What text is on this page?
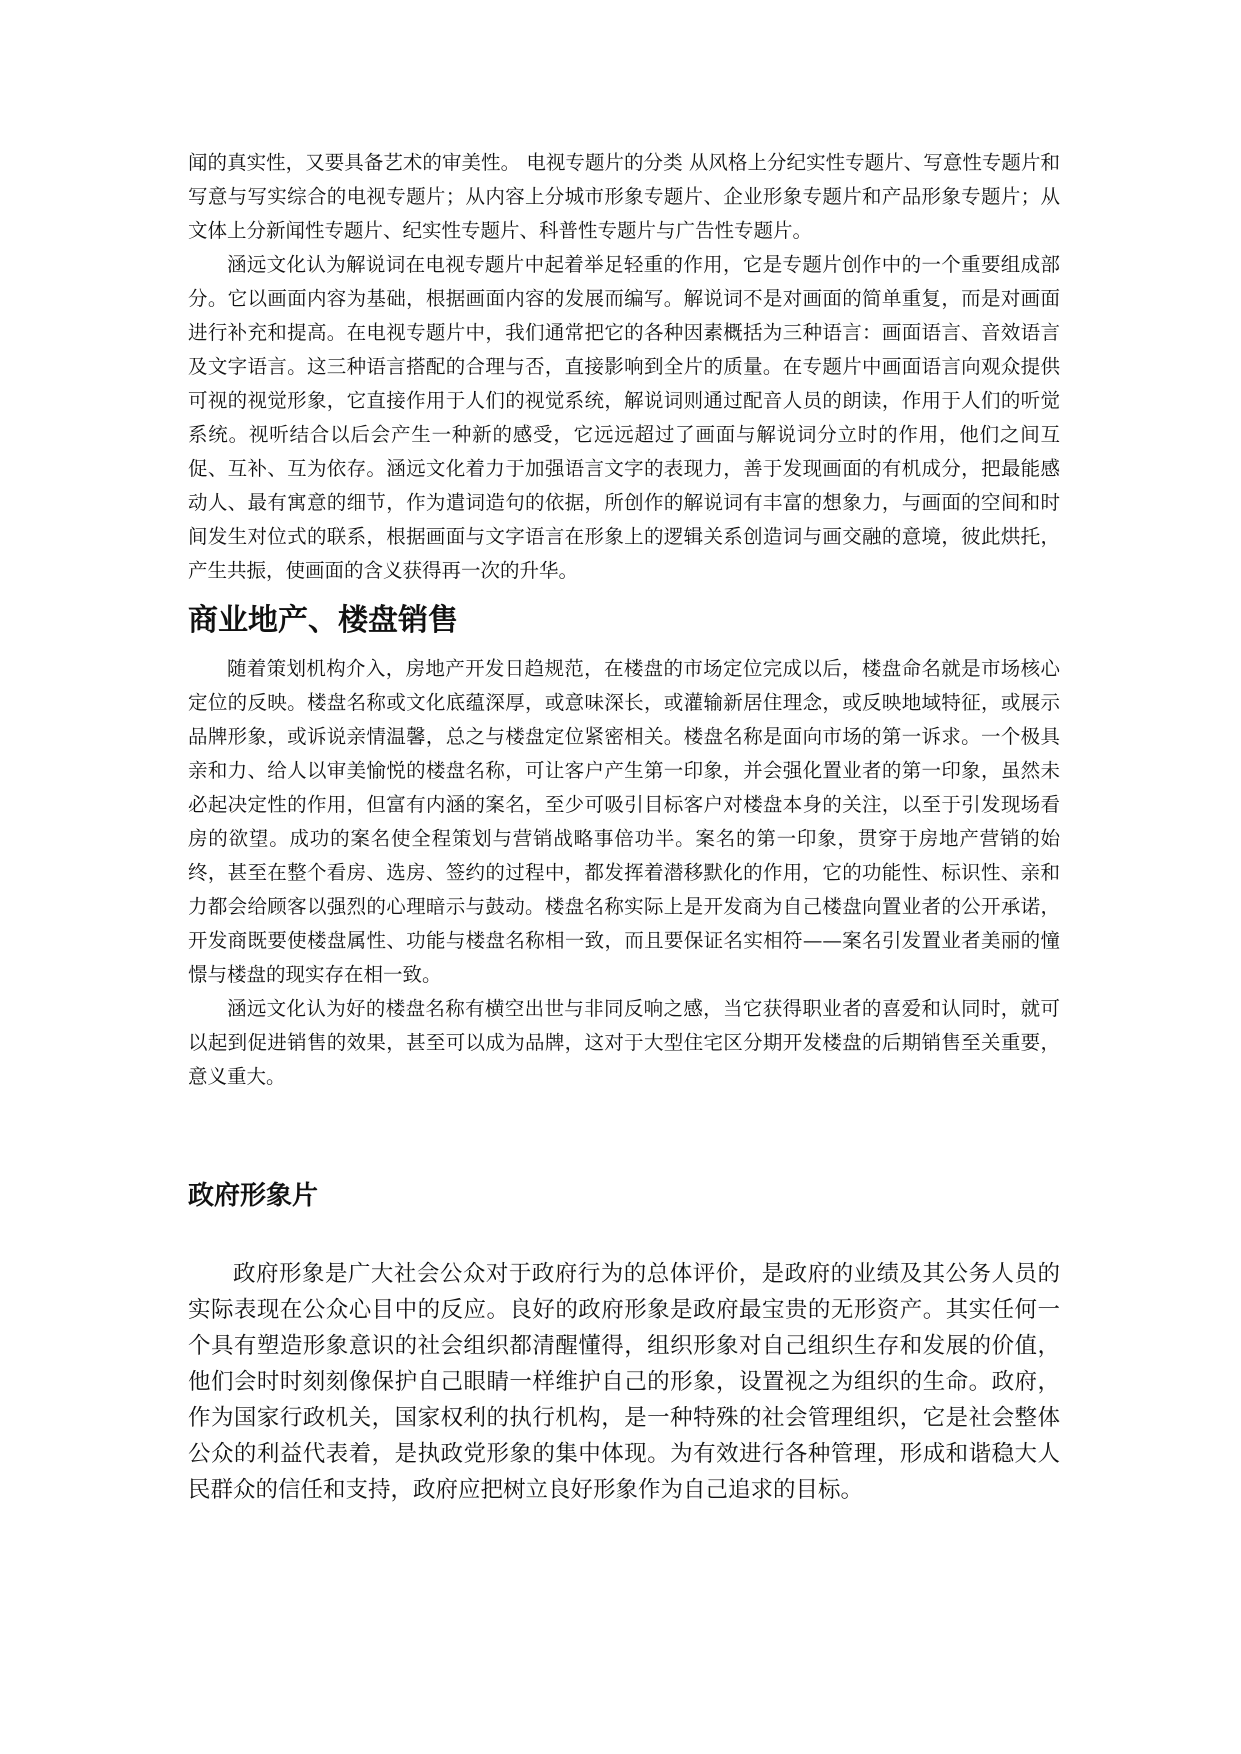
闻的真实性，又要具备艺术的审美性。 电视专题片的分类 从风格上分纪实性专题片、写意性专题片和写意与写实综合的电视专题片；从内容上分城市形象专题片、企业形象专题片和产品形象专题片；从文体上分新闻性专题片、纪实性专题片、科普性专题片与广告性专题片。

涵远文化认为解说词在电视专题片中起着举足轻重的作用，它是专题片创作中的一个重要组成部分。它以画面内容为基础，根据画面内容的发展而编写。解说词不是对画面的简单重复，而是对画面进行补充和提高。在电视专题片中，我们通常把它的各种因素概括为三种语言：画面语言、音效语言及文字语言。这三种语言搭配的合理与否，直接影响到全片的质量。在专题片中画面语言向观众提供可视的视觉形象，它直接作用于人们的视觉系统，解说词则通过配音人员的朗读，作用于人们的听觉系统。视听结合以后会产生一种新的感受，它远远超过了画面与解说词分立时的作用，他们之间互促、互补、互为依存。涵远文化着力于加强语言文字的表现力，善于发现画面的有机成分，把最能感动人、最有寓意的细节，作为遣词造句的依据，所创作的解说词有丰富的想象力，与画面的空间和时间发生对位式的联系，根据画面与文字语言在形象上的逻辑关系创造词与画交融的意境，彼此烘托，产生共振，使画面的含义获得再一次的升华。

商业地产、楼盘销售

随着策划机构介入，房地产开发日趋规范，在楼盘的市场定位完成以后，楼盘命名就是市场核心定位的反映。楼盘名称或文化底蕴深厚，或意味深长，或灌输新居住理念，或反映地域特征，或展示品牌形象，或诉说亲情温馨，总之与楼盘定位紧密相关。楼盘名称是面向市场的第一诉求。一个极具亲和力、给人以审美愉悦的楼盘名称，可让客户产生第一印象，并会强化置业者的第一印象，虽然未必起决定性的作用，但富有内涵的案名，至少可吸引目标客户对楼盘本身的关注，以至于引发现场看房的欲望。成功的案名使全程策划与营销战略事倍功半。案名的第一印象，贯穿于房地产营销的始终，甚至在整个看房、选房、签约的过程中，都发挥着潜移默化的作用，它的功能性、标识性、亲和力都会给顾客以强烈的心理暗示与鼓动。楼盘名称实际上是开发商为自己楼盘向置业者的公开承诺，开发商既要使楼盘属性、功能与楼盘名称相一致，而且要保证名实相符——案名引发置业者美丽的憧憬与楼盘的现实存在相一致。

涵远文化认为好的楼盘名称有横空出世与非同反响之感，当它获得职业者的喜爱和认同时，就可以起到促进销售的效果，甚至可以成为品牌，这对于大型住宅区分期开发楼盘的后期销售至关重要，意义重大。

政府形象片

政府形象是广大社会公众对于政府行为的总体评价，是政府的业绩及其公务人员的实际表现在公众心目中的反应。良好的政府形象是政府最宝贵的无形资产。其实任何一个具有塑造形象意识的社会组织都清醒懂得，组织形象对自己组织生存和发展的价值，他们会时时刻刻像保护自己眼睛一样维护自己的形象，设置视之为组织的生命。政府，作为国家行政机关，国家权利的执行机构，是一种特殊的社会管理组织，它是社会整体公众的利益代表着，是执政党形象的集中体现。为有效进行各种管理，形成和谐稳大人民群众的信任和支持，政府应把树立良好形象作为自己追求的目标。
